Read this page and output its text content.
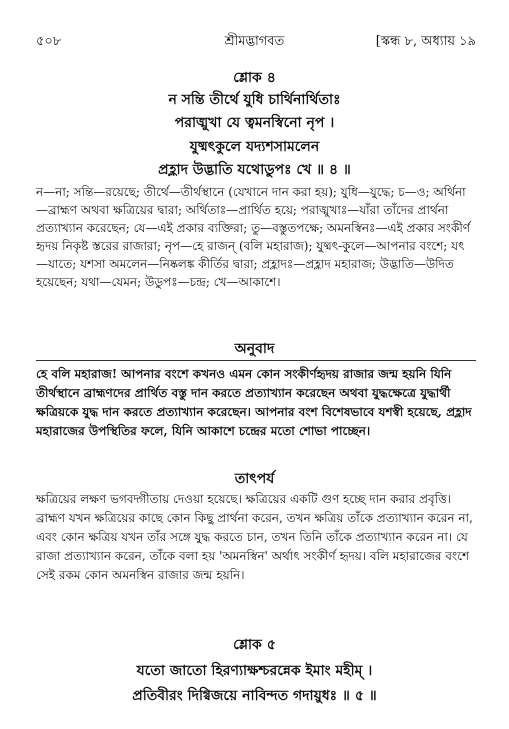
৫০৮	শ্রীমদ্ভাগবত	[স্কন্ধ ৮, অধ্যায় ১৯
শ্লোক ৪
ন সন্তি তীর্থে যুধি চার্থিনার্থিতাঃ
পরাঙ্মুখা যে ত্বমনস্বিনো নৃপ ।
যুষ্মৎকুলে যদ্যশসামলেন
প্রহ্লাদ উদ্ভাতি যথোডুপঃ খে ॥ ৪ ॥
ন—না; সন্তি—রয়েছে; তীর্থে—তীর্থস্থানে (যেখানে দান করা হয়); যুধি—যুদ্ধে; চ—ও; অর্থিনা—ব্রাহ্মণ অথবা ক্ষত্রিয়ের দ্বারা; অর্থিতাঃ—প্রার্থিত হয়ে; পরাঙ্মুখাঃ—যাঁরা তাঁদের প্রার্থনা প্রত্যাখ্যান করেছেন; যে—এই প্রকার ব্যক্তিরা; তু—বস্তুতপক্ষে; অমনস্বিনঃ—এই প্রকার সংকীর্ণ হৃদয় নিকৃষ্ট স্তরের রাজারা; নৃপ—হে রাজন্ (বলি মহারাজ); যুষ্মৎ-কুলে—আপনার বংশে; যৎ—যাতে; যশসা অমলেন—নিষ্কলঙ্ক কীর্তির দ্বারা; প্রহ্লাদঃ—প্রহ্লাদ মহারাজ; উদ্ভাতি—উদিত হয়েছেন; যথা—যেমন; উডুপঃ—চন্দ্র; খে—আকাশে।
অনুবাদ
হে বলি মহারাজ! আপনার বংশে কখনও এমন কোন সংকীর্ণহৃদয় রাজার জন্ম হয়নি যিনি তীর্থস্থানে ব্রাহ্মণদের প্রার্থিত বস্তু দান করতে প্রত্যাখ্যান করেছেন অথবা যুদ্ধক্ষেত্রে যুদ্ধার্থী ক্ষত্রিয়কে যুদ্ধ দান করতে প্রত্যাখ্যান করেছেন। আপনার বংশ বিশেষভাবে যশস্বী হয়েছে, প্রহ্লাদ মহারাজের উপস্থিতির ফলে, যিনি আকাশে চন্দ্রের মতো শোভা পাচ্ছেন।
তাৎপর্য
ক্ষত্রিয়ের লক্ষণ ভগবদ্গীতায় দেওয়া হয়েছে। ক্ষত্রিয়ের একটি গুণ হচ্ছে দান করার প্রবৃত্তি। ব্রাহ্মণ যখন ক্ষত্রিয়ের কাছে কোন কিছু প্রার্থনা করেন, তখন ক্ষত্রিয় তাঁকে প্রত্যাখ্যান করেন না, এবং কোন ক্ষত্রিয় যখন তাঁর সঙ্গে যুদ্ধ করতে চান, তখন তিনি তাঁকে প্রত্যাখ্যান করেন না। যে রাজা প্রত্যাখ্যান করেন, তাঁকে বলা হয় 'অমনস্বিন' অর্থাৎ সংকীর্ণ হৃদয়। বলি মহারাজের বংশে সেই রকম কোন অমনস্বিন রাজার জন্ম হয়নি।
শ্লোক ৫
যতো জাতো হিরণ্যাক্ষশ্চরন্নেক ইমাং মহীম্ ।
প্রতিবীরং দিগ্বিজয়ে নাবিন্দত গদায়ুধঃ ॥ ৫ ॥
